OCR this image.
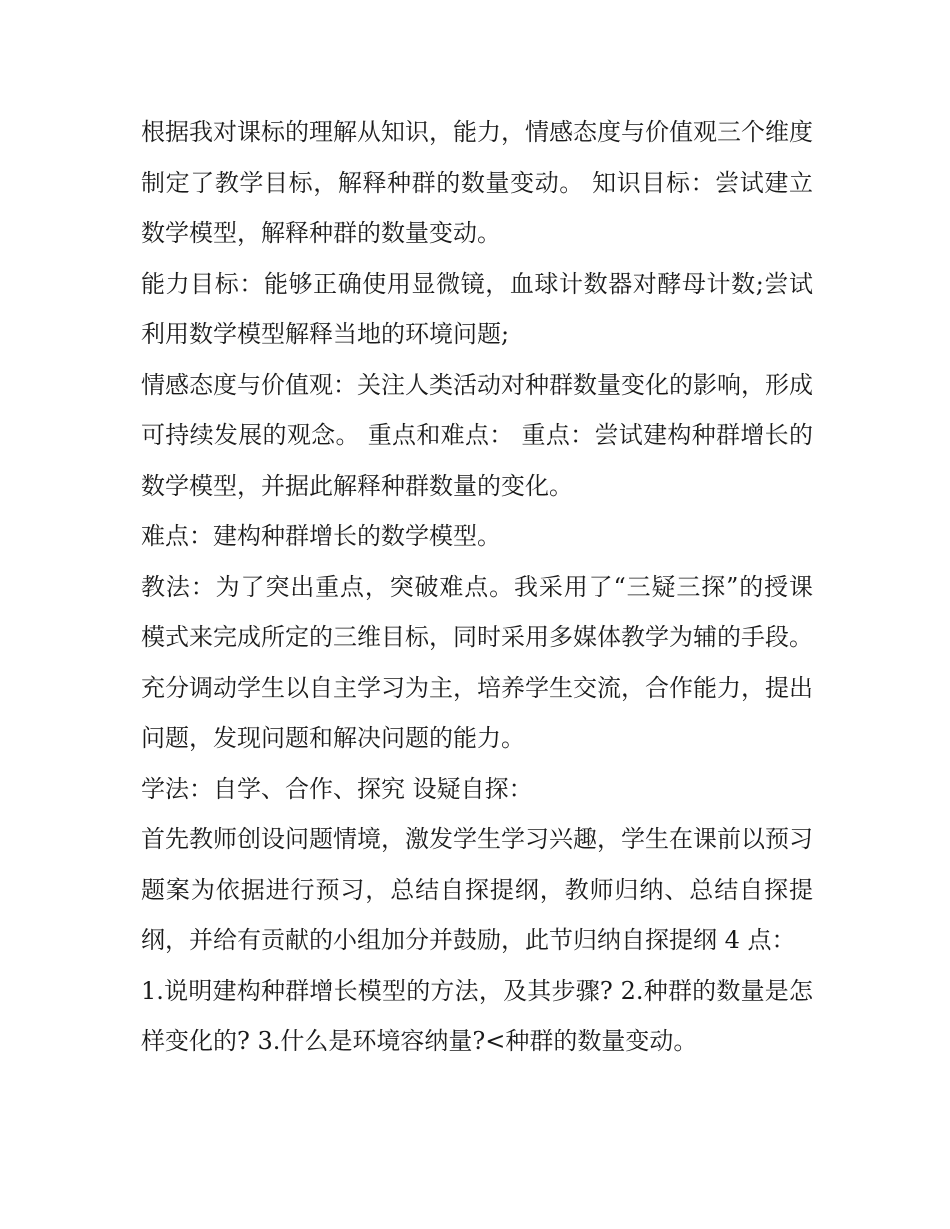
根据我对课标的理解从知识，能力，情感态度与价值观三个维度制定了教学目标，解释种群的数量变动。 知识目标：尝试建立数学模型，解释种群的数量变动。

能力目标：能够正确使用显微镜，血球计数器对酵母计数;尝试利用数学模型解释当地的环境问题;

情感态度与价值观：关注人类活动对种群数量变化的影响，形成可持续发展的观念。 重点和难点： 重点：尝试建构种群增长的数学模型，并据此解释种群数量的变化。

难点：建构种群增长的数学模型。

教法：为了突出重点，突破难点。我采用了“三疑三探”的授课模式来完成所定的三维目标，同时采用多媒体教学为辅的手段。充分调动学生以自主学习为主，培养学生交流，合作能力，提出问题，发现问题和解决问题的能力。

学法：自学、合作、探究 设疑自探：

首先教师创设问题情境，激发学生学习兴趣，学生在课前以预习题案为依据进行预习，总结自探提纲，教师归纳、总结自探提纲，并给有贡献的小组加分并鼓励，此节归纳自探提纲 4 点：

1.说明建构种群增长模型的方法，及其步骤? 2.种群的数量是怎样变化的? 3.什么是环境容纳量?<种群的数量变动。
